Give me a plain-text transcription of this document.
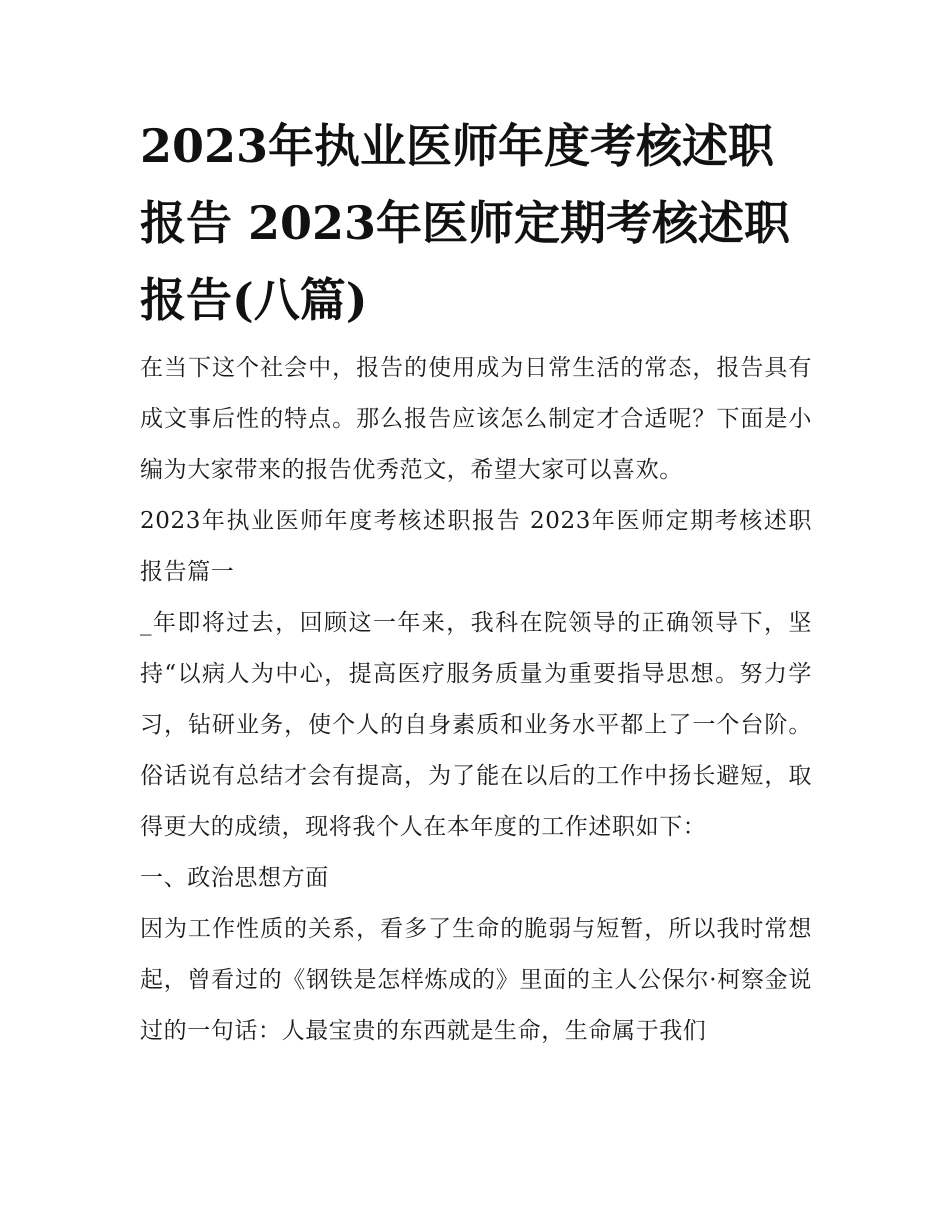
2023年执业医师年度考核述职报告 2023年医师定期考核述职报告(八篇)

在当下这个社会中，报告的使用成为日常生活的常态，报告具有成文事后性的特点。那么报告应该怎么制定才合适呢？下面是小编为大家带来的报告优秀范文，希望大家可以喜欢。

2023年执业医师年度考核述职报告 2023年医师定期考核述职报告篇一

_年即将过去，回顾这一年来，我科在院领导的正确领导下，坚持“以病人为中心，提高医疗服务质量为重要指导思想。努力学习，钻研业务，使个人的自身素质和业务水平都上了一个台阶。俗话说有总结才会有提高，为了能在以后的工作中扬长避短，取得更大的成绩，现将我个人在本年度的工作述职如下：

一、政治思想方面

因为工作性质的关系，看多了生命的脆弱与短暂，所以我时常想起，曾看过的《钢铁是怎样炼成的》里面的主人公保尔·柯察金说过的一句话：人最宝贵的东西就是生命，生命属于我们
